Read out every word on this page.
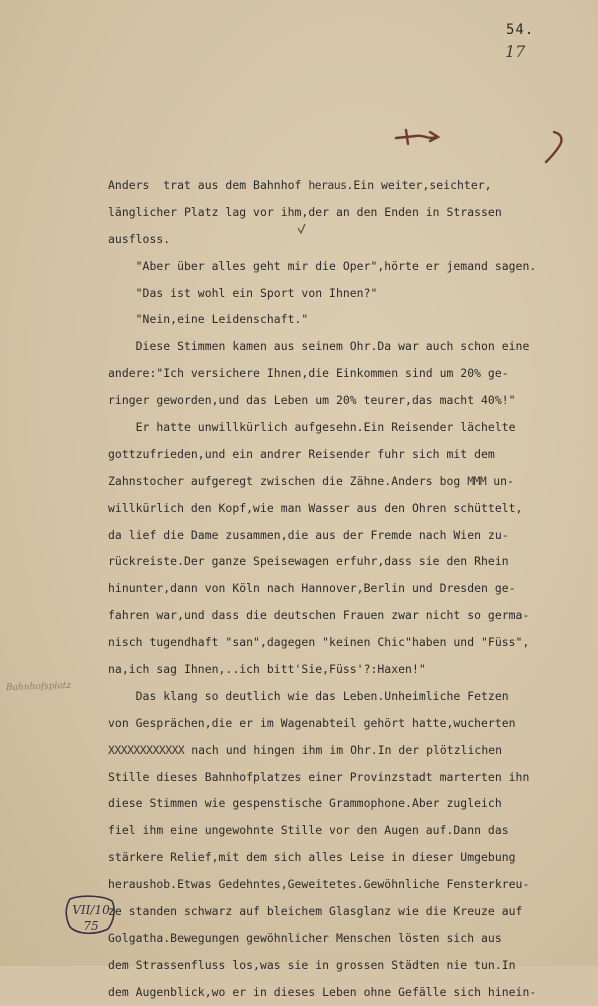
54.
17
Anders  trat aus dem Bahnhof heraus.Ein weiter,seichter,
länglicher Platz lag vor ihm,der an den Enden in Strassen
ausfloss.
"Aber über alles geht mir die Oper",hörte er jemand sagen.
"Das ist wohl ein Sport von Ihnen?"
"Nein,eine Leidenschaft."
Diese Stimmen kamen aus seinem Ohr.Da war auch schon eine
andere:"Ich versichere Ihnen,die Einkommen sind um 20% ge-
ringer geworden,und das Leben um 20% teurer,das macht 40%!"
Er hatte unwillkürlich aufgesehn.Ein Reisender lächelte
gottzufrieden,und ein andrer Reisender fuhr sich mit dem
Zahnstocher aufgeregt zwischen die Zähne.Anders bog MMM un-
willkürlich den Kopf,wie man Wasser aus den Ohren schüttelt,
da lief die Dame zusammen,die aus der Fremde nach Wien zu-
rückreiste.Der ganze Speisewagen erfuhr,dass sie den Rhein
hinunter,dann von Köln nach Hannover,Berlin und Dresden ge-
fahren war,und dass die deutschen Frauen zwar nicht so germa-
nisch tugendhaft "san",dagegen "keinen Chic"haben und "Füss",
na,ich sag Ihnen,..ich bitt'Sie,Füss'?:Haxen!"
Das klang so deutlich wie das Leben.Unheimliche Fetzen
von Gesprächen,die er im Wagenabteil gehört hatte,wucherten
XXXXXXXXXXXX nach und hingen ihm im Ohr.In der plötzlichen
Stille dieses Bahnhofplatzes einer Provinzstadt marterten ihn
diese Stimmen wie gespenstische Grammophone.Aber zugleich
fiel ihm eine ungewohnte Stille vor den Augen auf.Dann das
stärkere Relief,mit dem sich alles Leise in dieser Umgebung
heraushob.Etwas Gedehntes,Geweitetes.Gewöhnliche Fensterkreu-
ze standen schwarz auf bleichem Glasglanz wie die Kreuze auf
Golgatha.Bewegungen gewöhnlicher Menschen lösten sich aus
dem Strassenfluss los,was sie in grossen Städten nie tun.In
dem Augenblick,wo er in dieses Leben ohne Gefälle sich hinein-
Bahnhofsplatz
VII/10
75
